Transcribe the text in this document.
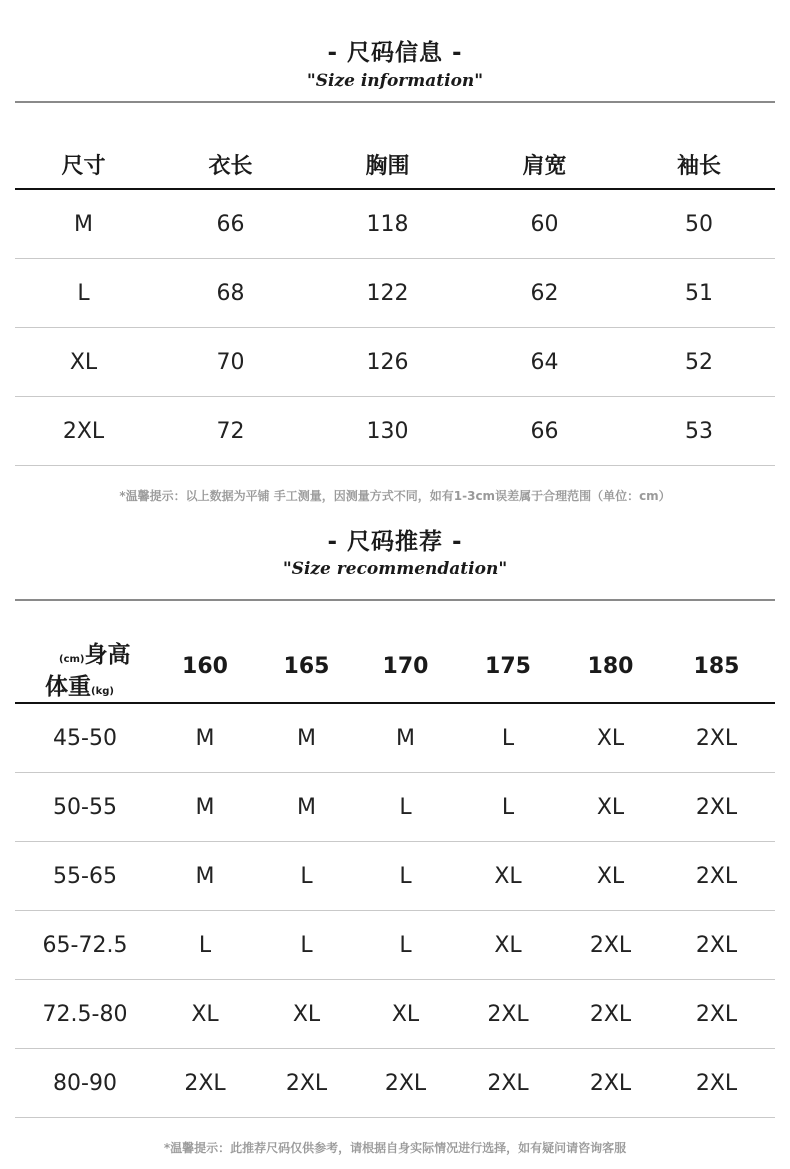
- 尺码信息 -
"Size information"
尺寸	衣长	胸围	肩宽	袖长
M	66	118	60	50
L	68	122	62	51
XL	70	126	64	52
2XL	72	130	66	53
*温馨提示：以上数据为平铺 手工测量，因测量方式不同，如有1-3cm误差属于合理范围（单位：cm）
- 尺码推荐 -
"Size recommendation"
(cm)身高
体重(kg)	160	165	170	175	180	185
45-50	M	M	M	L	XL	2XL
50-55	M	M	L	L	XL	2XL
55-65	M	L	L	XL	XL	2XL
65-72.5	L	L	L	XL	2XL	2XL
72.5-80	XL	XL	XL	2XL	2XL	2XL
80-90	2XL	2XL	2XL	2XL	2XL	2XL
*温馨提示：此推荐尺码仅供参考，请根据自身实际情况进行选择，如有疑问请咨询客服
